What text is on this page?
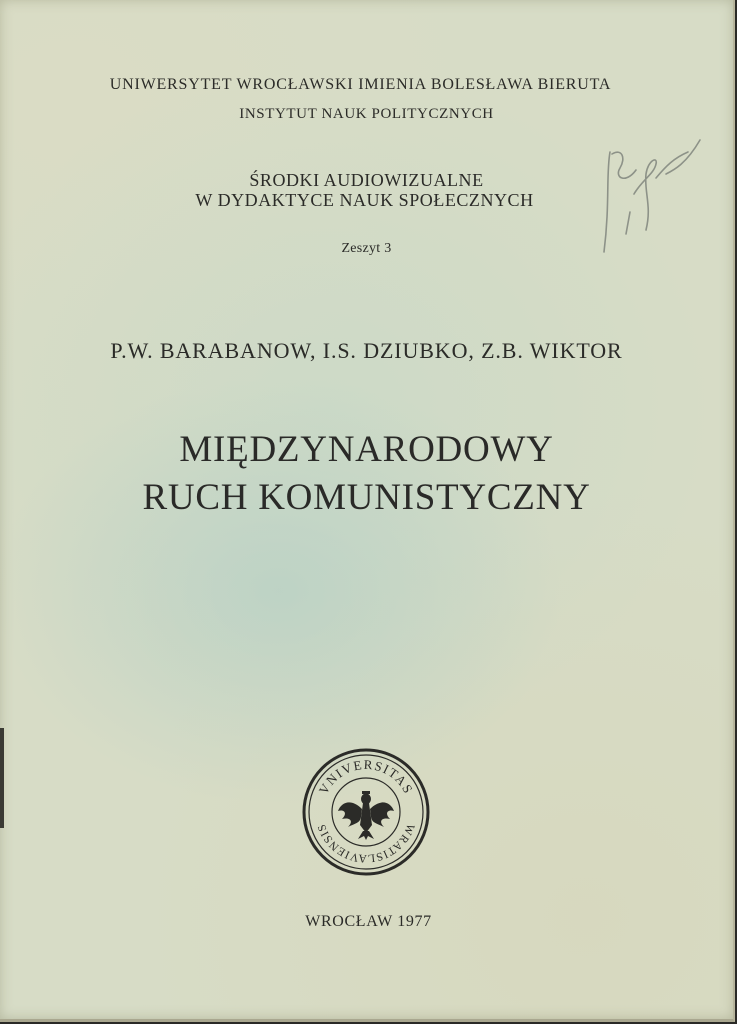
UNIWERSYTET WROCŁAWSKI IMIENIA BOLESŁAWA BIERUTA
INSTYTUT NAUK POLITYCZNYCH
ŚRODKI AUDIOWIZUALNE
W DYDAKTYCE NAUK SPOŁECZNYCH
Zeszyt 3
P.W. BARABANOW, I.S. DZIUBKO, Z.B. WIKTOR
MIĘDZYNARODOWY
RUCH KOMUNISTYCZNY
VNIVERSITAS
WRATISLAVIENSIS
WROCŁAW 1977
